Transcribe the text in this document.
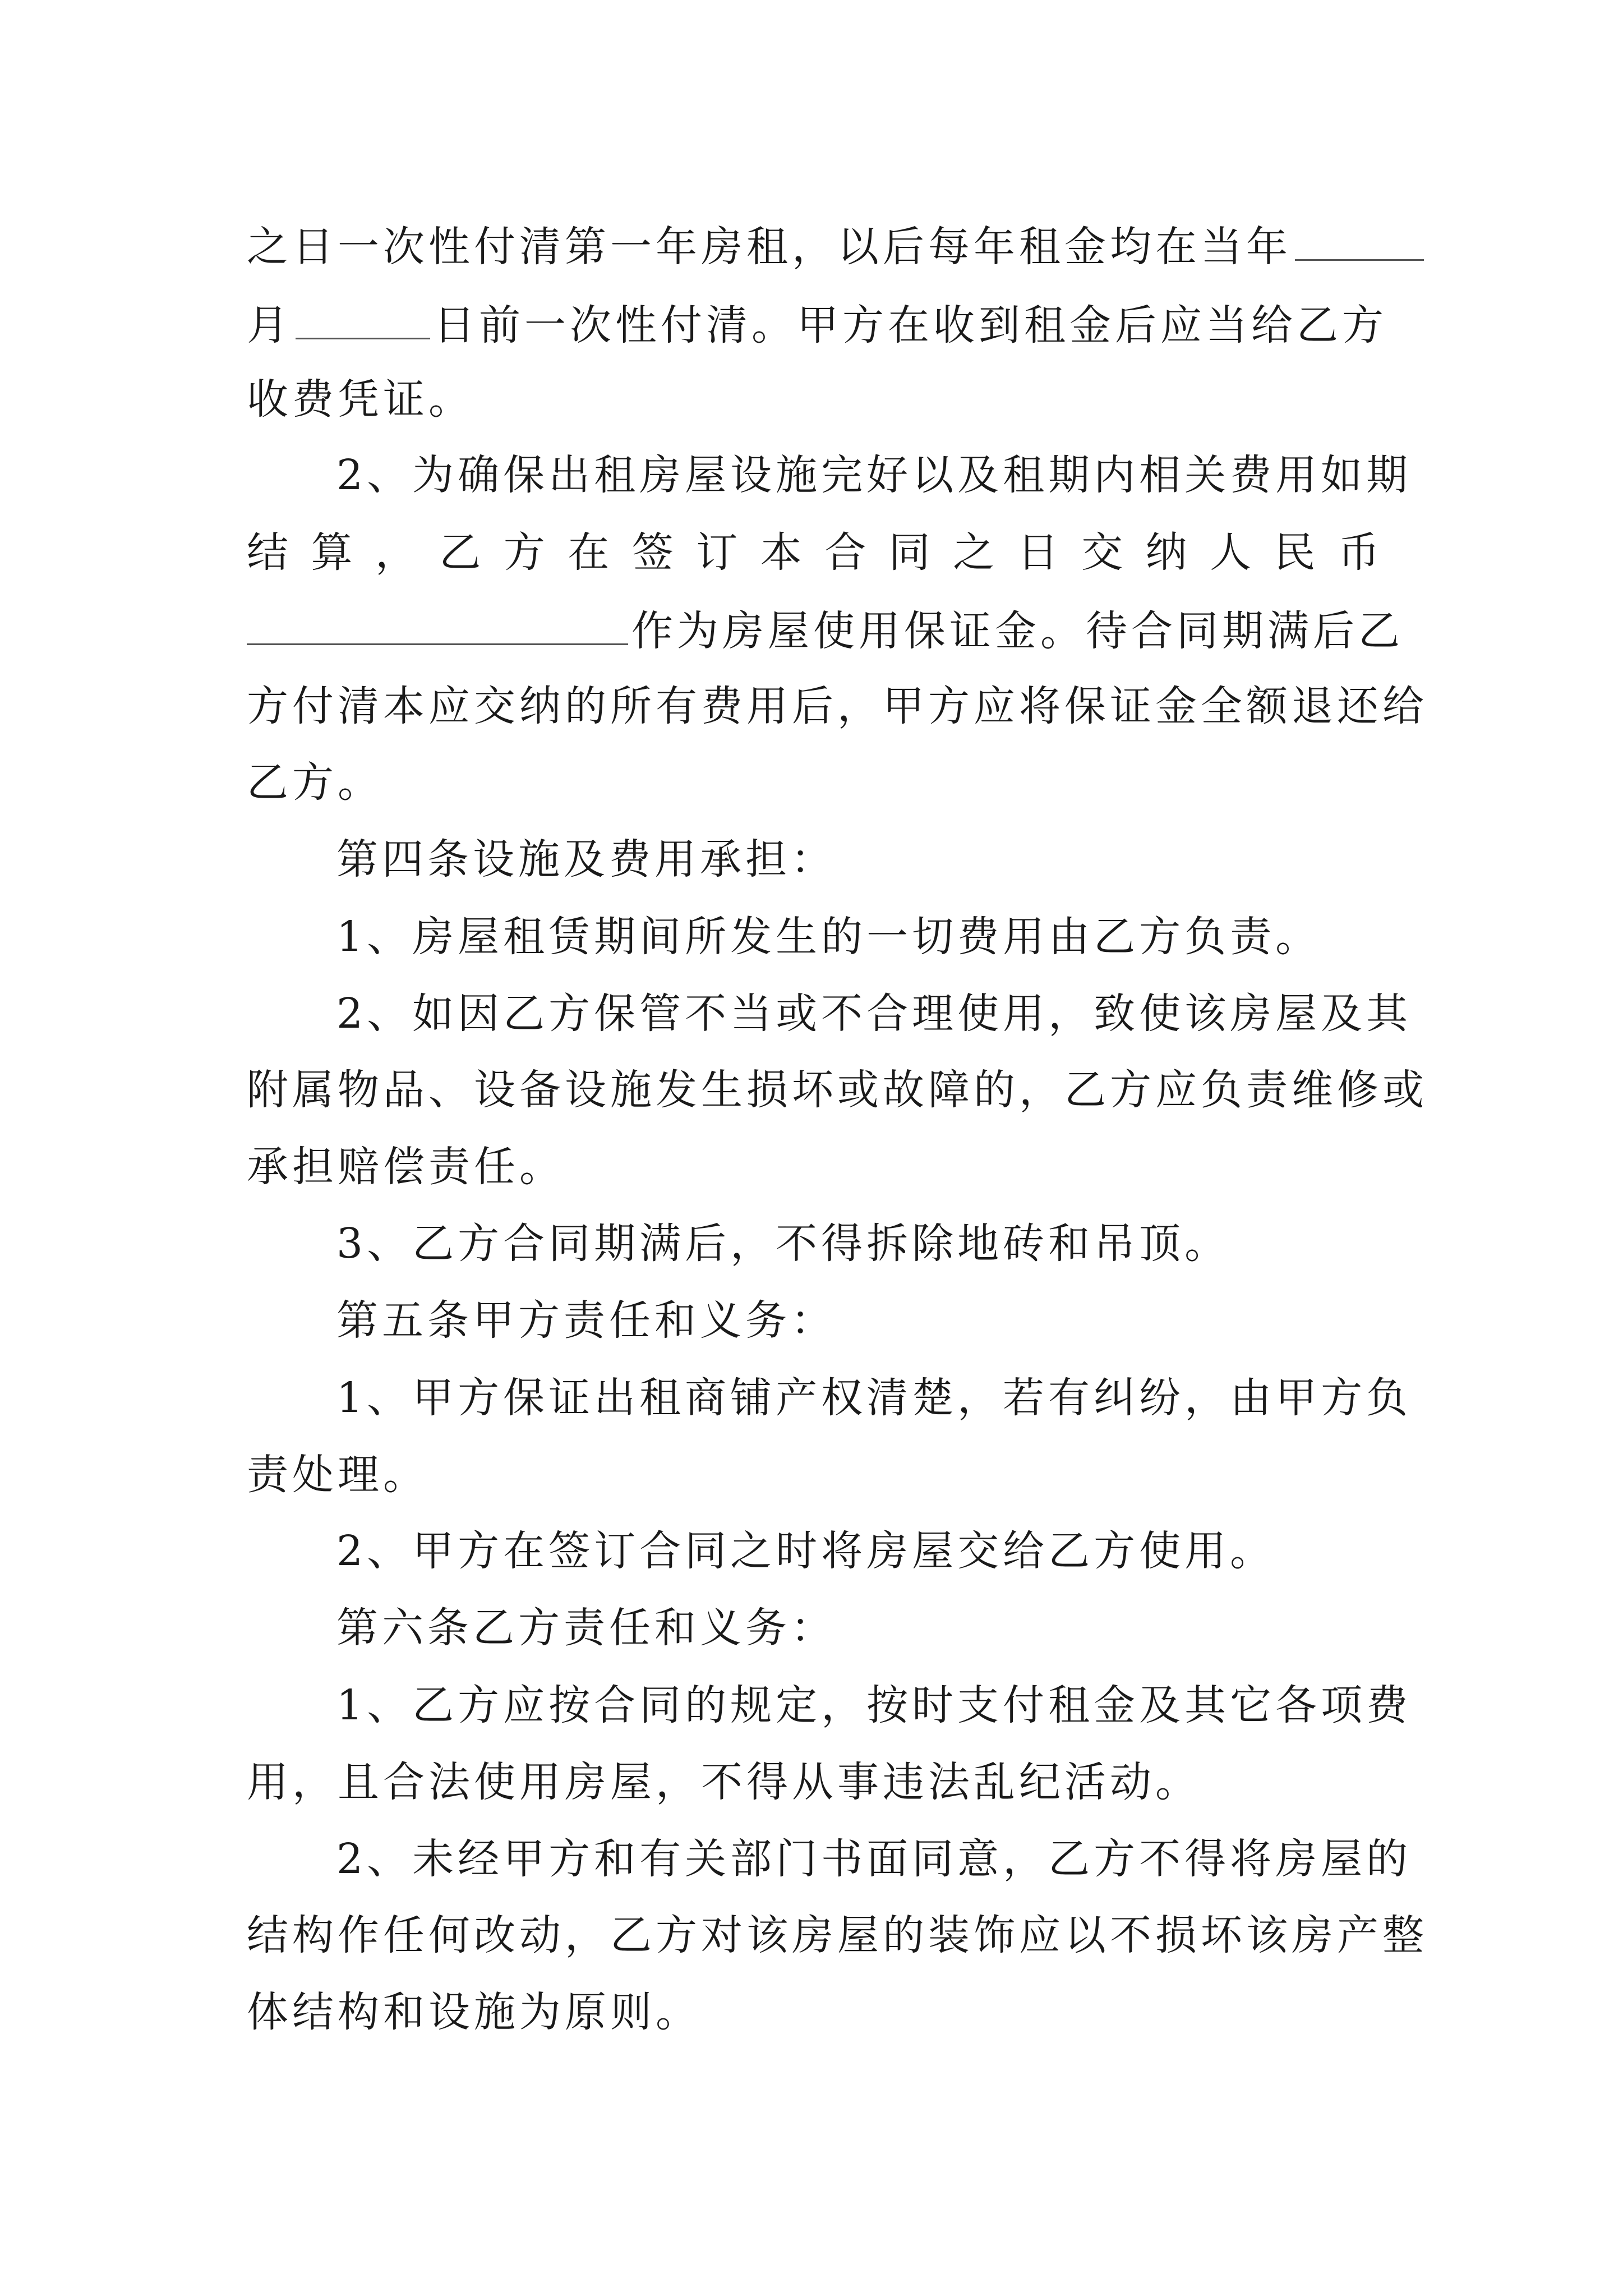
之日一次性付清第一年房租，以后每年租金均在当年
月	日前一次性付清。甲方在收到租金后应当给乙方
收费凭证。
2、为确保出租房屋设施完好以及租期内相关费用如期
结 算 ， 乙 方 在 签 订 本 合 同 之 日 交 纳 人 民 币
作为房屋使用保证金。待合同期满后乙
方付清本应交纳的所有费用后，甲方应将保证金全额退还给
乙方。
第四条设施及费用承担：
1、房屋租赁期间所发生的一切费用由乙方负责。
2、如因乙方保管不当或不合理使用，致使该房屋及其
附属物品、设备设施发生损坏或故障的，乙方应负责维修或
承担赔偿责任。
3、乙方合同期满后，不得拆除地砖和吊顶。
第五条甲方责任和义务：
1、甲方保证出租商铺产权清楚，若有纠纷，由甲方负
责处理。
2、甲方在签订合同之时将房屋交给乙方使用。
第六条乙方责任和义务：
1、乙方应按合同的规定，按时支付租金及其它各项费
用，且合法使用房屋，不得从事违法乱纪活动。
2、未经甲方和有关部门书面同意，乙方不得将房屋的
结构作任何改动，乙方对该房屋的装饰应以不损坏该房产整
体结构和设施为原则。
